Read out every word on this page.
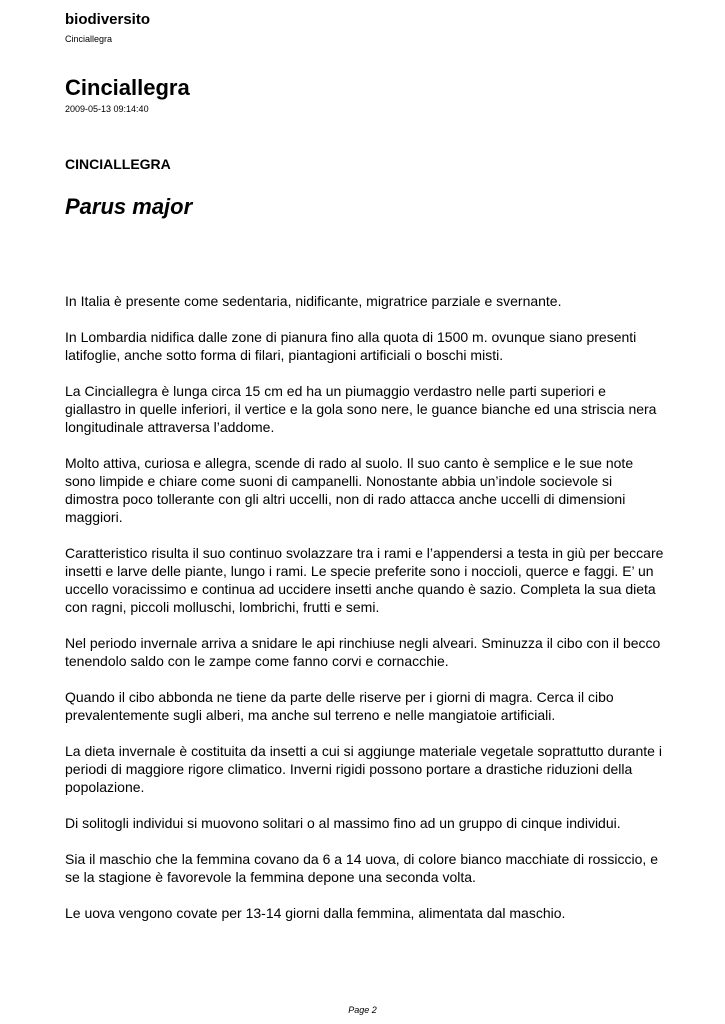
biodiversito
Cinciallegra
Cinciallegra
2009-05-13 09:14:40
CINCIALLEGRA
Parus major

In Italia è presente come sedentaria, nidificante, migratrice parziale e svernante.

In Lombardia nidifica dalle zone di pianura fino alla quota di 1500 m. ovunque siano presenti latifoglie, anche sotto forma di filari, piantagioni artificiali o boschi misti.

La Cinciallegra è lunga circa 15 cm ed ha un piumaggio verdastro nelle parti superiori e giallastro in quelle inferiori, il vertice e la gola sono nere, le guance bianche ed una striscia nera longitudinale attraversa l’addome.

Molto attiva, curiosa e allegra, scende di rado al suolo. Il suo canto è semplice e le sue note sono limpide e chiare come suoni di campanelli. Nonostante abbia un’indole socievole si dimostra poco tollerante con gli altri uccelli, non di rado attacca anche uccelli di dimensioni maggiori.

Caratteristico risulta il suo continuo svolazzare tra i rami e l’appendersi a testa in giù per beccare insetti e larve delle piante, lungo i rami. Le specie preferite sono i noccioli, querce e faggi. E’ un uccello voracissimo e continua ad uccidere insetti anche quando è sazio. Completa la sua dieta con ragni, piccoli molluschi, lombrichi, frutti e semi.

Nel periodo invernale arriva a snidare le api rinchiuse negli alveari. Sminuzza il cibo con il becco tenendolo saldo con le zampe come fanno corvi e cornacchie.

Quando il cibo abbonda ne tiene da parte delle riserve per i giorni di magra. Cerca il cibo prevalentemente sugli alberi, ma anche sul terreno e nelle mangiatoie artificiali.

La dieta invernale è costituita da insetti a cui si aggiunge materiale vegetale soprattutto durante i periodi di maggiore rigore climatico. Inverni rigidi possono portare a drastiche riduzioni della popolazione.

Di solitogli individui si muovono solitari o al massimo fino ad un gruppo di cinque individui.

Sia il maschio che la femmina covano da 6 a 14 uova, di colore bianco macchiate di rossiccio, e se la stagione è favorevole la femmina depone una seconda volta.

Le uova vengono covate per 13-14 giorni dalla femmina, alimentata dal maschio.

Page 2
